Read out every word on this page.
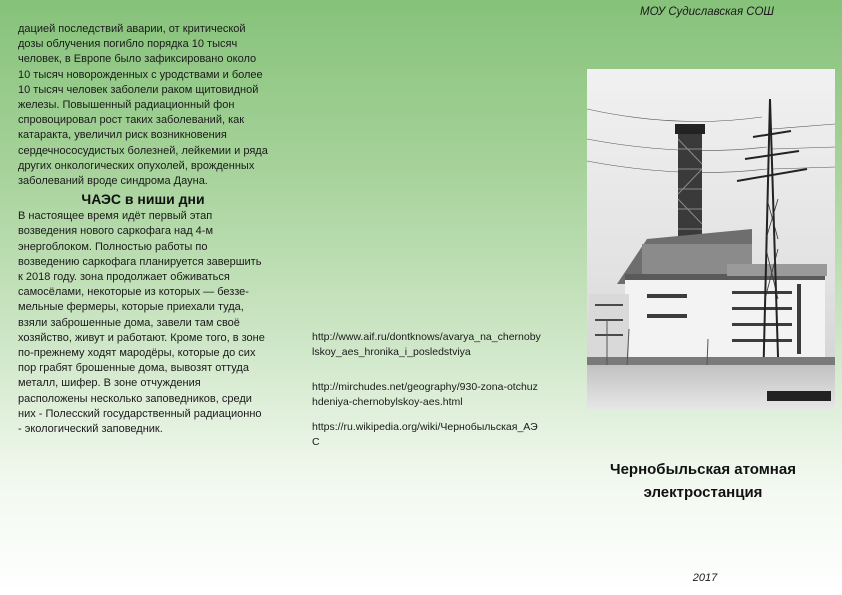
дацией последствий аварии, от критической дозы облучения погибло порядка 10 тысяч человек, в Европе было зафиксировано около 10 тысяч новорожденных с уродствами и более 10 тысяч человек заболели раком щитовидной железы. Повышенный радиационный фон спровоцировал рост таких заболеваний, как катаракта, увеличил риск возникновения сердечнососудистых болезней, лейкемии и ряда других онкологических опухолей, врожденных заболеваний вроде синдрома Дауна.

ЧАЭС в ниши дни

В настоящее время идёт первый этап возведения нового саркофага над 4-м энергоблоком. Полностью работы по возведению саркофага планируется завершить к 2018 году. зона продолжает обживаться самосёлами, некоторые из которых — безземельные фермеры, которые приехали туда, взяли заброшенные дома, завели там своё хозяйство, живут и работают. Кроме того, в зоне по-прежнему ходят мародёры, которые до сих пор грабят брошенные дома, вывозят оттуда металл, шифер. В зоне отчуждения расположены несколько заповедников, среди них - Полесский государственный радиационно - экологический заповедник.

http://www.aif.ru/dontknows/avarya_na_chernobylskoy_aes_hronika_i_posledstviya

http://mirchudes.net/geography/930-zona-otchuzhdeniya-chernobylskoy-aes.html

https://ru.wikipedia.org/wiki/Чернобыльская_АЭС

МОУ Судиславская СОШ
Чернобыльская атомная
электростанция
2017
